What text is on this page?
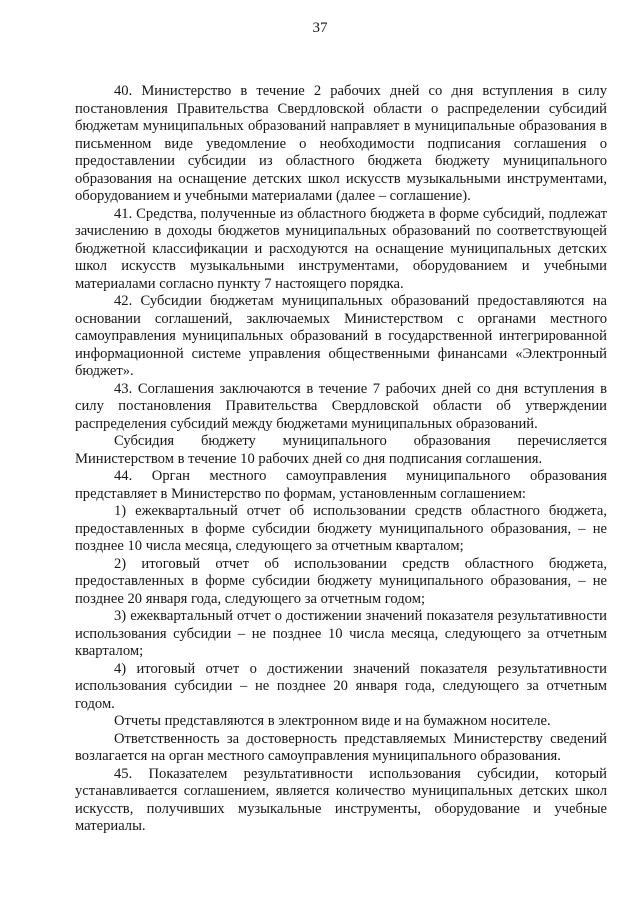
37

40. Министерство в течение 2 рабочих дней со дня вступления в силу постановления Правительства Свердловской области о распределении субсидий бюджетам муниципальных образований направляет в муниципальные образования в письменном виде уведомление о необходимости подписания соглашения о предоставлении субсидии из областного бюджета бюджету муниципального образования на оснащение детских школ искусств музыкальными инструментами, оборудованием и учебными материалами (далее – соглашение).

41. Средства, полученные из областного бюджета в форме субсидий, подлежат зачислению в доходы бюджетов муниципальных образований по соответствующей бюджетной классификации и расходуются на оснащение муниципальных детских школ искусств музыкальными инструментами, оборудованием и учебными материалами согласно пункту 7 настоящего порядка.

42. Субсидии бюджетам муниципальных образований предоставляются на основании соглашений, заключаемых Министерством с органами местного самоуправления муниципальных образований в государственной интегрированной информационной системе управления общественными финансами «Электронный бюджет».

43. Соглашения заключаются в течение 7 рабочих дней со дня вступления в силу постановления Правительства Свердловской области об утверждении распределения субсидий между бюджетами муниципальных образований.

Субсидия бюджету муниципального образования перечисляется Министерством в течение 10 рабочих дней со дня подписания соглашения.

44. Орган местного самоуправления муниципального образования представляет в Министерство по формам, установленным соглашением:

1) ежеквартальный отчет об использовании средств областного бюджета, предоставленных в форме субсидии бюджету муниципального образования, – не позднее 10 числа месяца, следующего за отчетным кварталом;

2) итоговый отчет об использовании средств областного бюджета, предоставленных в форме субсидии бюджету муниципального образования, – не позднее 20 января года, следующего за отчетным годом;

3) ежеквартальный отчет о достижении значений показателя результативности использования субсидии – не позднее 10 числа месяца, следующего за отчетным кварталом;

4) итоговый отчет о достижении значений показателя результативности использования субсидии – не позднее 20 января года, следующего за отчетным годом.

Отчеты представляются в электронном виде и на бумажном носителе.

Ответственность за достоверность представляемых Министерству сведений возлагается на орган местного самоуправления муниципального образования.

45. Показателем результативности использования субсидии, который устанавливается соглашением, является количество муниципальных детских школ искусств, получивших музыкальные инструменты, оборудование и учебные материалы.
